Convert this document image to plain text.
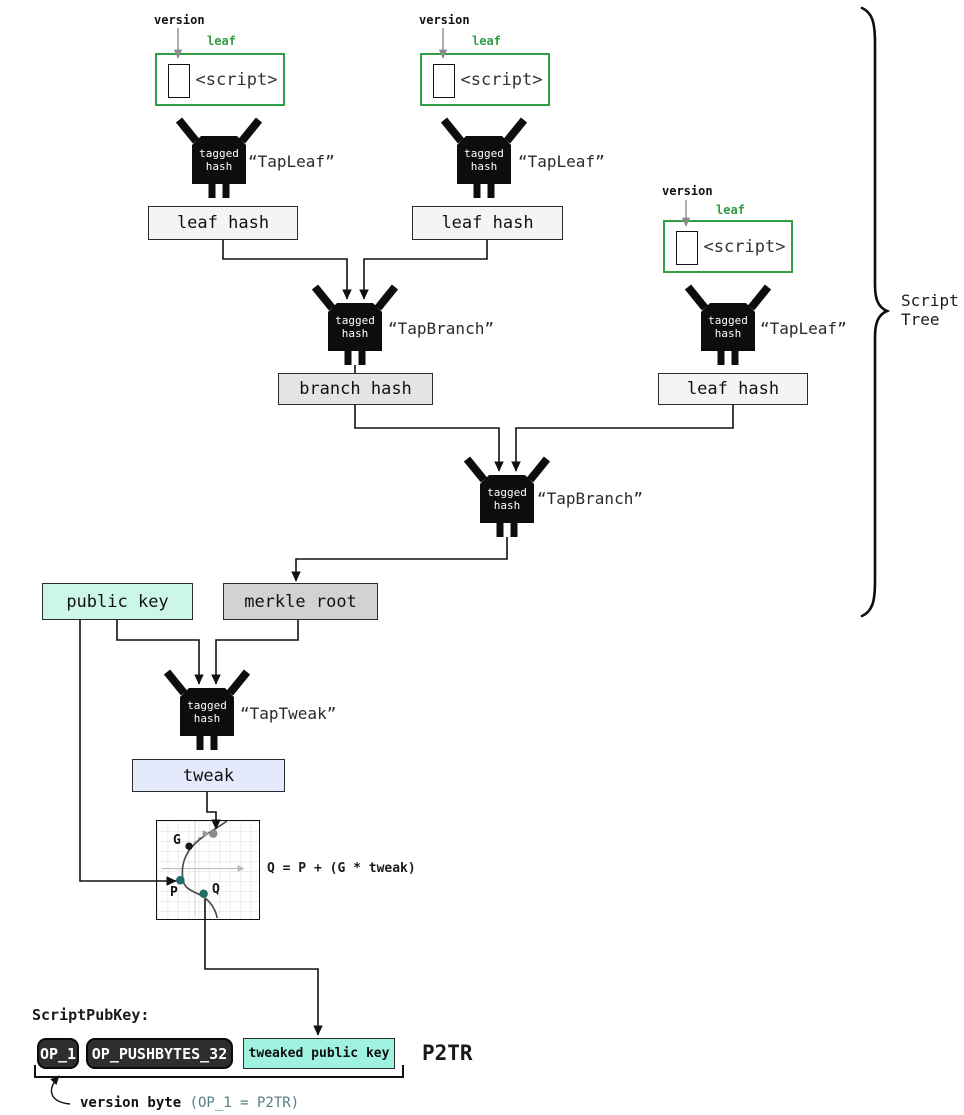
version
leaf
<script>
version
leaf
<script>
version
leaf
<script>
tagged
hash
tagged
hash
tagged
hash
tagged
hash
tagged
hash
tagged
hash
“TapLeaf”	“TapLeaf”
“TapBranch”	“TapLeaf”
“TapBranch”
“TapTweak”
leaf hash	leaf hash
branch hash	leaf hash
public key	merkle root
tweak
G
P	Q
Q = P + (G * tweak)
ScriptPubKey:
OP_1	OP_PUSHBYTES_32	tweaked public key P2TR
version byte (OP_1 = P2TR)
Script
Tree
